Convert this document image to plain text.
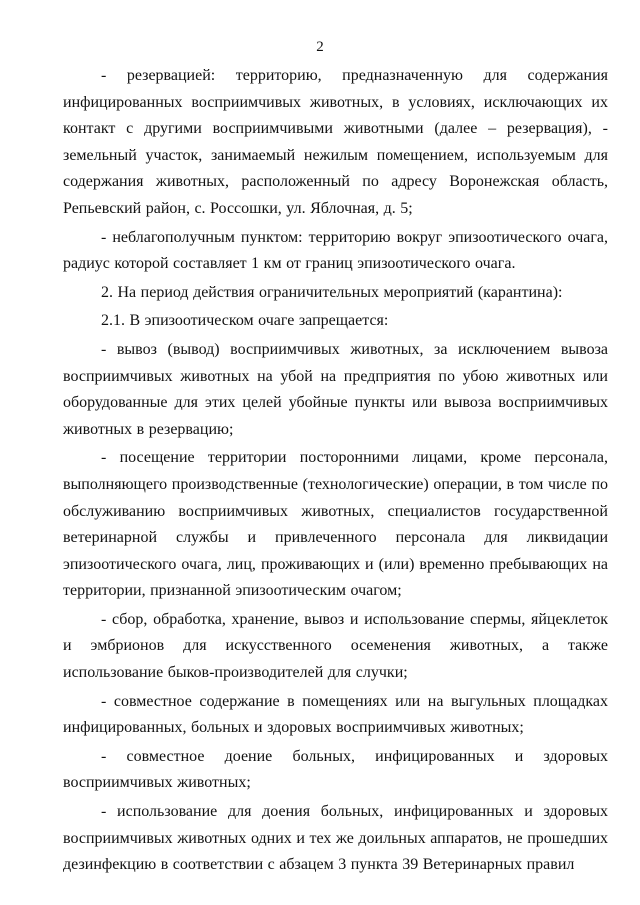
2

- резервацией: территорию, предназначенную для содержания инфицированных восприимчивых животных, в условиях, исключающих их контакт с другими восприимчивыми животными (далее – резервация), - земельный участок, занимаемый нежилым помещением, используемым для содержания животных, расположенный по адресу Воронежская область, Репьевский район, с. Россошки, ул. Яблочная, д. 5;

- неблагополучным пунктом: территорию вокруг эпизоотического очага, радиус которой составляет 1 км от границ эпизоотического очага.

2. На период действия ограничительных мероприятий (карантина):

2.1. В эпизоотическом очаге запрещается:

- вывоз (вывод) восприимчивых животных, за исключением вывоза восприимчивых животных на убой на предприятия по убою животных или оборудованные для этих целей убойные пункты или вывоза восприимчивых животных в резервацию;

- посещение территории посторонними лицами, кроме персонала, выполняющего производственные (технологические) операции, в том числе по обслуживанию восприимчивых животных, специалистов государственной ветеринарной службы и привлеченного персонала для ликвидации эпизоотического очага, лиц, проживающих и (или) временно пребывающих на территории, признанной эпизоотическим очагом;

- сбор, обработка, хранение, вывоз и использование спермы, яйцеклеток и эмбрионов для искусственного осеменения животных, а также использование быков-производителей для случки;

- совместное содержание в помещениях или на выгульных площадках инфицированных, больных и здоровых восприимчивых животных;

- совместное доение больных, инфицированных и здоровых восприимчивых животных;

- использование для доения больных, инфицированных и здоровых восприимчивых животных одних и тех же доильных аппаратов, не прошедших дезинфекцию в соответствии с абзацем 3 пункта 39 Ветеринарных правил
